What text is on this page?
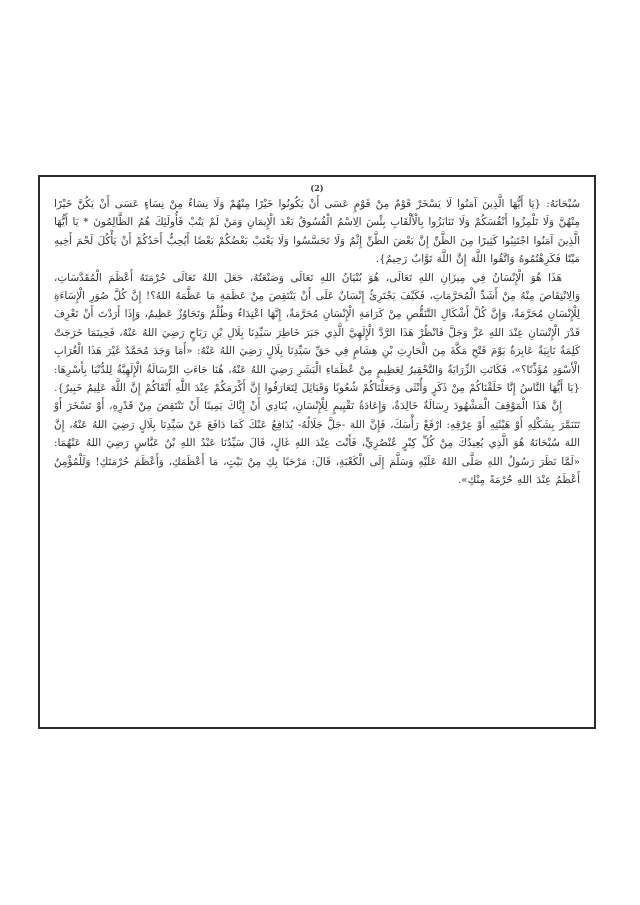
(2)

سُبْحَانَهُ: {يَا أَيُّهَا الَّذِينَ آمَنُوا لَا يَسْخَرْ قَوْمٌ مِنْ قَوْمٍ عَسَى أَنْ يَكُونُوا خَيْرًا مِنْهُمْ وَلَا نِسَاءٌ مِنْ نِسَاءٍ عَسَى أَنْ يَكُنَّ خَيْرًا مِنْهُنَّ وَلَا تَلْمِزُوا أَنْفُسَكُمْ وَلَا تَنَابَزُوا بِالْأَلْقَابِ بِئْسَ الِاسْمُ الْفُسُوقُ بَعْدَ الْإِيمَانِ وَمَنْ لَمْ يَتُبْ فَأُولَئِكَ هُمُ الظَّالِمُونَ * يَا أَيُّهَا الَّذِينَ آمَنُوا اجْتَنِبُوا كَثِيرًا مِنَ الظَّنِّ إِنَّ بَعْضَ الظَّنِّ إِثْمٌ وَلَا تَجَسَّسُوا وَلَا يَغْتَبْ بَعْضُكُمْ بَعْضًا أَيُحِبُّ أَحَدُكُمْ أَنْ يَأْكُلَ لَحْمَ أَخِيهِ مَيْتًا فَكَرِهْتُمُوهُ وَاتَّقُوا اللَّهَ إِنَّ اللَّهَ تَوَّابٌ رَحِيمٌ}.

هَذَا هُوَ الْإِنْسَانُ فِي مِيزَانِ اللهِ تَعَالَى، هُوَ بُنْيَانُ اللهِ تَعَالَى وَصَنْعَتُهُ، جَعَلَ اللهُ تَعَالَى حُرْمَتَهُ أَعْظَمَ الْمُقَدَّسَاتِ، وَالِانْتِقَاصَ مِنْهُ مِنْ أَشَدِّ الْمُحَرَّمَاتِ، فَكَيْفَ يَجْتَرِئُ إِنْسَانٌ عَلَى أَنْ يَنْتَقِصَ مِنْ عَظَمَةِ مَا عَظَّمَهُ اللهُ؟! إِنَّ كُلَّ صُوَرِ الْإِسَاءَةِ لِلْإِنْسَانِ مُحَرَّمَةٌ، وَإِنَّ كُلَّ أَشْكَالِ التَّنَقُّصِ مِنْ كَرَامَةِ الْإِنْسَانِ مُحَرَّمَةٌ، إِنَّهَا اعْتِدَاءٌ وَظُلْمٌ وَتَجَاوُزٌ عَظِيمٌ، وَإِذَا أَرَدْتَ أَنْ تَعْرِفَ قَدْرَ الْإِنْسَانِ عِنْدَ اللهِ عَزَّ وَجَلَّ فَانْظُرْ هَذَا الرَّدَّ الْإِلَهِيَّ الَّذِي جَبَرَ خَاطِرَ سَيِّدِنَا بِلَالِ بْنِ رَبَاحٍ رَضِيَ اللهُ عَنْهُ، فَحِينَمَا خَرَجَتْ كَلِمَةٌ نَابِيَةٌ عَابِرَةٌ يَوْمَ فَتْحِ مَكَّةَ مِنَ الْحَارِثِ بْنِ هِشَامٍ فِي حَقِّ سَيِّدِنَا بِلَالٍ رَضِيَ اللهُ عَنْهُ: «أَمَا وَجَدَ مُحَمَّدٌ غَيْرَ هَذَا الْغُرَابِ الْأَسْوَدِ مُؤَذِّنًا؟»، فَكَانَتِ الزِّرَايَةُ وَالتَّحْقِيرُ لِعَظِيمٍ مِنْ عُظَمَاءِ الْبَشَرِ رَضِيَ اللهُ عَنْهُ، هُنَا جَاءَتِ الرِّسَالَةُ الْإِلَهِيَّةُ لِلدُّنْيَا بِأَسْرِهَا: {يَا أَيُّهَا النَّاسُ إِنَّا خَلَقْنَاكُمْ مِنْ ذَكَرٍ وَأُنْثَى وَجَعَلْنَاكُمْ شُعُوبًا وَقَبَائِلَ لِتَعَارَفُوا إِنَّ أَكْرَمَكُمْ عِنْدَ اللَّهِ أَتْقَاكُمْ إِنَّ اللَّهَ عَلِيمٌ خَبِيرٌ}.

إِنَّ هَذَا الْمَوْقِفَ الْمَشْهُودَ رِسَالَةٌ خَالِدَةٌ، وَإِعَادَةُ تَقْيِيمٍ لِلْإِنْسَانِ، يُنَادِي أَنْ إِيَّاكَ يَمِينًا أَنْ تَنْتَقِصَ مِنْ قَدْرِهِ، أَوْ تَسْخَرَ أَوْ تَتَنَمَّرَ بِشَكْلِهِ أَوْ هَيْئَتِهِ أَوْ عِرْقِهِ: ارْفَعْ رَأْسَكَ، فَإِنَّ اللهَ -جَلَّ جَلَالُهُ- يُدَافِعُ عَنْكَ كَمَا دَافَعَ عَنْ سَيِّدِنَا بِلَالٍ رَضِيَ اللهُ عَنْهُ، إِنَّ اللهَ سُبْحَانَهُ هُوَ الَّذِي يُعِيدُكَ مِنْ كُلِّ كِبْرٍ عُنْصُرِيٍّ، فَأَنْتَ عِنْدَ اللهِ غَالٍ، قَالَ سَيِّدُنَا عَبْدُ اللهِ بْنُ عَبَّاسٍ رَضِيَ اللهُ عَنْهُمَا: «لَمَّا نَظَرَ رَسُولُ اللهِ صَلَّى اللهُ عَلَيْهِ وَسَلَّمَ إِلَى الْكَعْبَةِ، قَالَ: مَرْحَبًا بِكِ مِنْ بَيْتٍ، مَا أَعْظَمَكِ، وَأَعْظَمَ حُرْمَتَكِ! وَلَلْمُؤْمِنُ أَعْظَمُ عِنْدَ اللهِ حُرْمَةً مِنْكِ».
